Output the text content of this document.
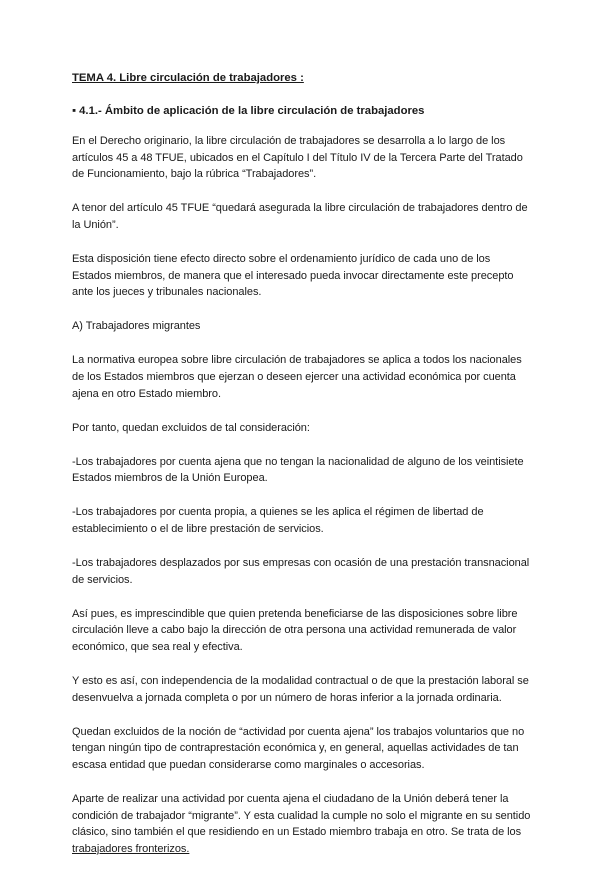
TEMA 4. Libre circulación de trabajadores :
▪ 4.1.- Ámbito de aplicación de la libre circulación de trabajadores

En el Derecho originario, la libre circulación de trabajadores se desarrolla a lo largo de los artículos 45 a 48 TFUE, ubicados en el Capítulo I del Título IV de la Tercera Parte del Tratado de Funcionamiento, bajo la rúbrica “Trabajadores”.

A tenor del artículo 45 TFUE “quedará asegurada la libre circulación de trabajadores dentro de la Unión”.

Esta disposición tiene efecto directo sobre el ordenamiento jurídico de cada uno de los Estados miembros, de manera que el interesado pueda invocar directamente este precepto ante los jueces y tribunales nacionales.

A) Trabajadores migrantes

La normativa europea sobre libre circulación de trabajadores se aplica a todos los nacionales de los Estados miembros que ejerzan o deseen ejercer una actividad económica por cuenta ajena en otro Estado miembro.

Por tanto, quedan excluidos de tal consideración:

-Los trabajadores por cuenta ajena que no tengan la nacionalidad de alguno de los veintisiete Estados miembros de la Unión Europea.

-Los trabajadores por cuenta propia, a quienes se les aplica el régimen de libertad de establecimiento o el de libre prestación de servicios.

-Los trabajadores desplazados por sus empresas con ocasión de una prestación transnacional de servicios.

Así pues, es imprescindible que quien pretenda beneficiarse de las disposiciones sobre libre circulación lleve a cabo bajo la dirección de otra persona una actividad remunerada de valor económico, que sea real y efectiva.

Y esto es así, con independencia de la modalidad contractual o de que la prestación laboral se desenvuelva a jornada completa o por un número de horas inferior a la jornada ordinaria.

Quedan excluidos de la noción de “actividad por cuenta ajena” los trabajos voluntarios que no tengan ningún tipo de contraprestación económica y, en general, aquellas actividades de tan escasa entidad que puedan considerarse como marginales o accesorias.

Aparte de realizar una actividad por cuenta ajena el ciudadano de la Unión deberá tener la condición de trabajador “migrante”. Y esta cualidad la cumple no solo el migrante en su sentido clásico, sino también el que residiendo en un Estado miembro trabaja en otro. Se trata de los trabajadores fronterizos.
